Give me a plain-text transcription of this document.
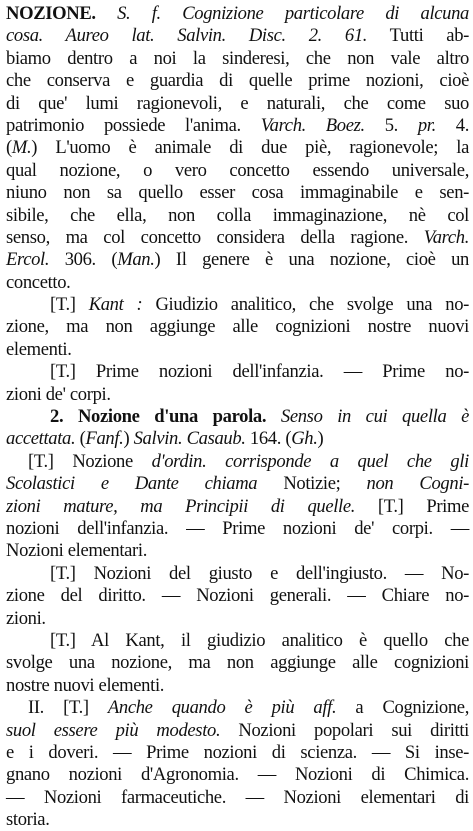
NOZIONE. S. f. Cognizione particolare di alcuna
cosa. Aureo lat. Salvin. Disc. 2. 61. Tutti ab-
biamo dentro a noi la sinderesi, che non vale altro
che conserva e guardia di quelle prime nozioni, cioè
di que' lumi ragionevoli, e naturali, che come suo
patrimonio possiede l'anima. Varch. Boez. 5. pr. 4.
(M.) L'uomo è animale di due piè, ragionevole; la
qual nozione, o vero concetto essendo universale,
niuno non sa quello esser cosa immaginabile e sen-
sibile, che ella, non colla immaginazione, nè col
senso, ma col concetto considera della ragione. Varch.
Ercol. 306. (Man.) Il genere è una nozione, cioè un
concetto.
[T.] Kant : Giudizio analitico, che svolge una no-
zione, ma non aggiunge alle cognizioni nostre nuovi
elementi.
[T.] Prime nozioni dell'infanzia. — Prime no-
zioni de' corpi.
2. Nozione d'una parola. Senso in cui quella è
accettata. (Fanf.) Salvin. Casaub. 164. (Gh.)
[T.] Nozione d'ordin. corrisponde a quel che gli
Scolastici e Dante chiama Notizie; non Cogni-
zioni mature, ma Principii di quelle. [T.] Prime
nozioni dell'infanzia. — Prime nozioni de' corpi. —
Nozioni elementari.
[T.] Nozioni del giusto e dell'ingiusto. — No-
zione del diritto. — Nozioni generali. — Chiare no-
zioni.
[T.] Al Kant, il giudizio analitico è quello che
svolge una nozione, ma non aggiunge alle cognizioni
nostre nuovi elementi.
II. [T.] Anche quando è più aff. a Cognizione,
suol essere più modesto. Nozioni popolari sui diritti
e i doveri. — Prime nozioni di scienza. — Si inse-
gnano nozioni d'Agronomia. — Nozioni di Chimica.
— Nozioni farmaceutiche. — Nozioni elementari di
storia.
